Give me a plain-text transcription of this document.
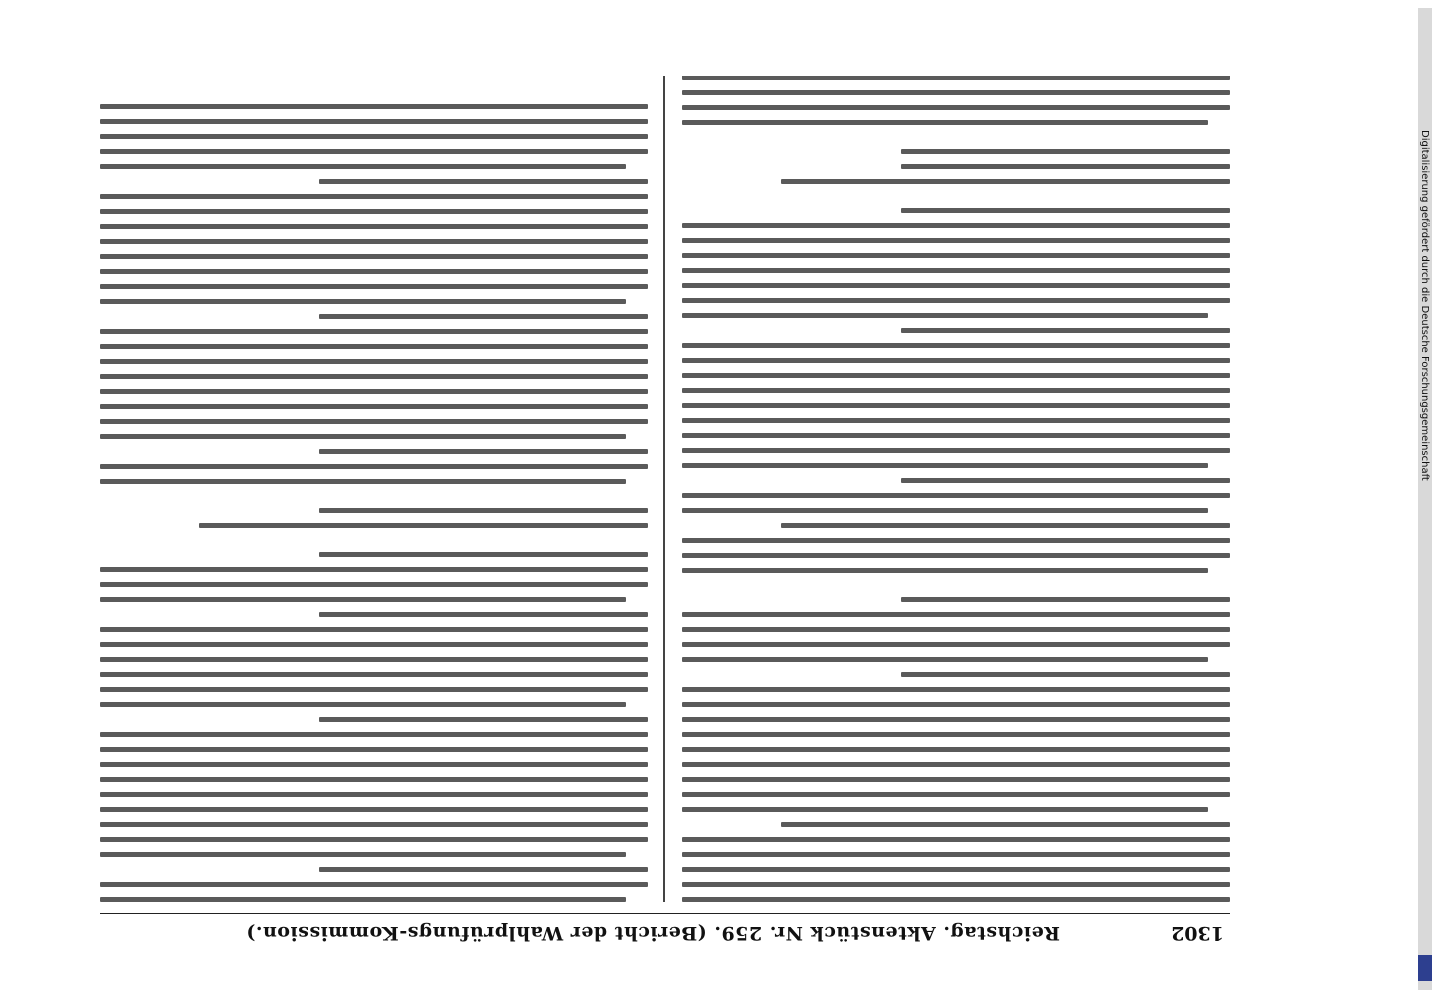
1302
Reichstag. Aktenstück Nr. 259. (Bericht der Wahlprüfungs-Kommission.)
Digitalisierung gefördert durch die Deutsche Forschungsgemeinschaft
